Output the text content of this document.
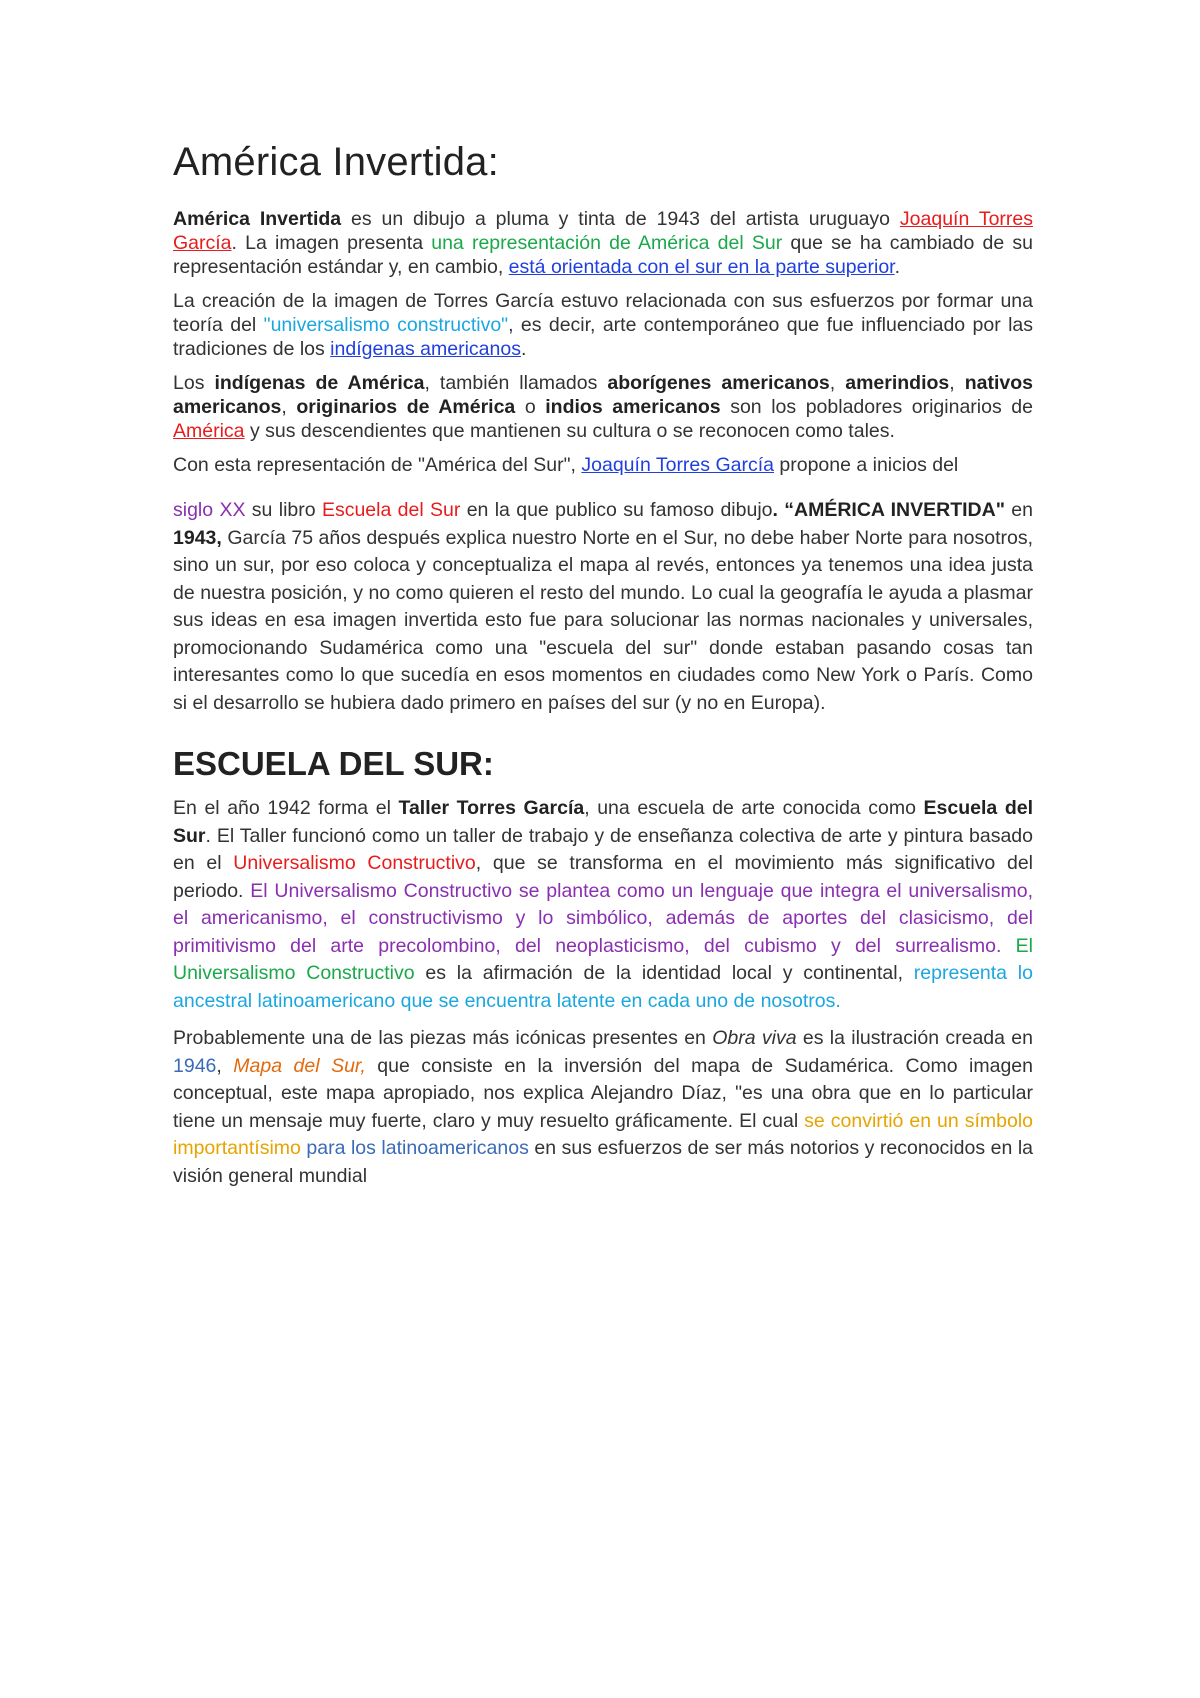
América Invertida:

América Invertida es un dibujo a pluma y tinta de 1943 del artista uruguayo Joaquín Torres García. La imagen presenta una representación de América del Sur que se ha cambiado de su representación estándar y, en cambio, está orientada con el sur en la parte superior.

La creación de la imagen de Torres García estuvo relacionada con sus esfuerzos por formar una teoría del "universalismo constructivo", es decir, arte contemporáneo que fue influenciado por las tradiciones de los indígenas americanos.

Los indígenas de América, también llamados aborígenes americanos, amerindios, nativos americanos, originarios de América o indios americanos son los pobladores originarios de América y sus descendientes que mantienen su cultura o se reconocen como tales.

Con esta representación de "América del Sur", Joaquín Torres García propone a inicios del

siglo XX su libro Escuela del Sur en la que publico su famoso dibujo. “AMÉRICA INVERTIDA" en 1943, García 75 años después explica nuestro Norte en el Sur, no debe haber Norte para nosotros, sino un sur, por eso coloca y conceptualiza el mapa al revés, entonces ya tenemos una idea justa de nuestra posición, y no como quieren el resto del mundo. Lo cual la geografía le ayuda a plasmar sus ideas en esa imagen invertida esto fue para solucionar las normas nacionales y universales, promocionando Sudamérica como una "escuela del sur" donde estaban pasando cosas tan interesantes como lo que sucedía en esos momentos en ciudades como New York o París. Como si el desarrollo se hubiera dado primero en países del sur (y no en Europa).

ESCUELA DEL SUR:

En el año 1942 forma el Taller Torres García, una escuela de arte conocida como Escuela del Sur. El Taller funcionó como un taller de trabajo y de enseñanza colectiva de arte y pintura basado en el Universalismo Constructivo, que se transforma en el movimiento más significativo del periodo. El Universalismo Constructivo se plantea como un lenguaje que integra el universalismo, el americanismo, el constructivismo y lo simbólico, además de aportes del clasicismo, del primitivismo del arte precolombino, del neoplasticismo, del cubismo y del surrealismo. El Universalismo Constructivo es la afirmación de la identidad local y continental, representa lo ancestral latinoamericano que se encuentra latente en cada uno de nosotros.

Probablemente una de las piezas más icónicas presentes en Obra viva es la ilustración creada en 1946, Mapa del Sur, que consiste en la inversión del mapa de Sudamérica. Como imagen conceptual, este mapa apropiado, nos explica Alejandro Díaz, "es una obra que en lo particular tiene un mensaje muy fuerte, claro y muy resuelto gráficamente. El cual se convirtió en un símbolo importantísimo para los latinoamericanos en sus esfuerzos de ser más notorios y reconocidos en la visión general mundial
